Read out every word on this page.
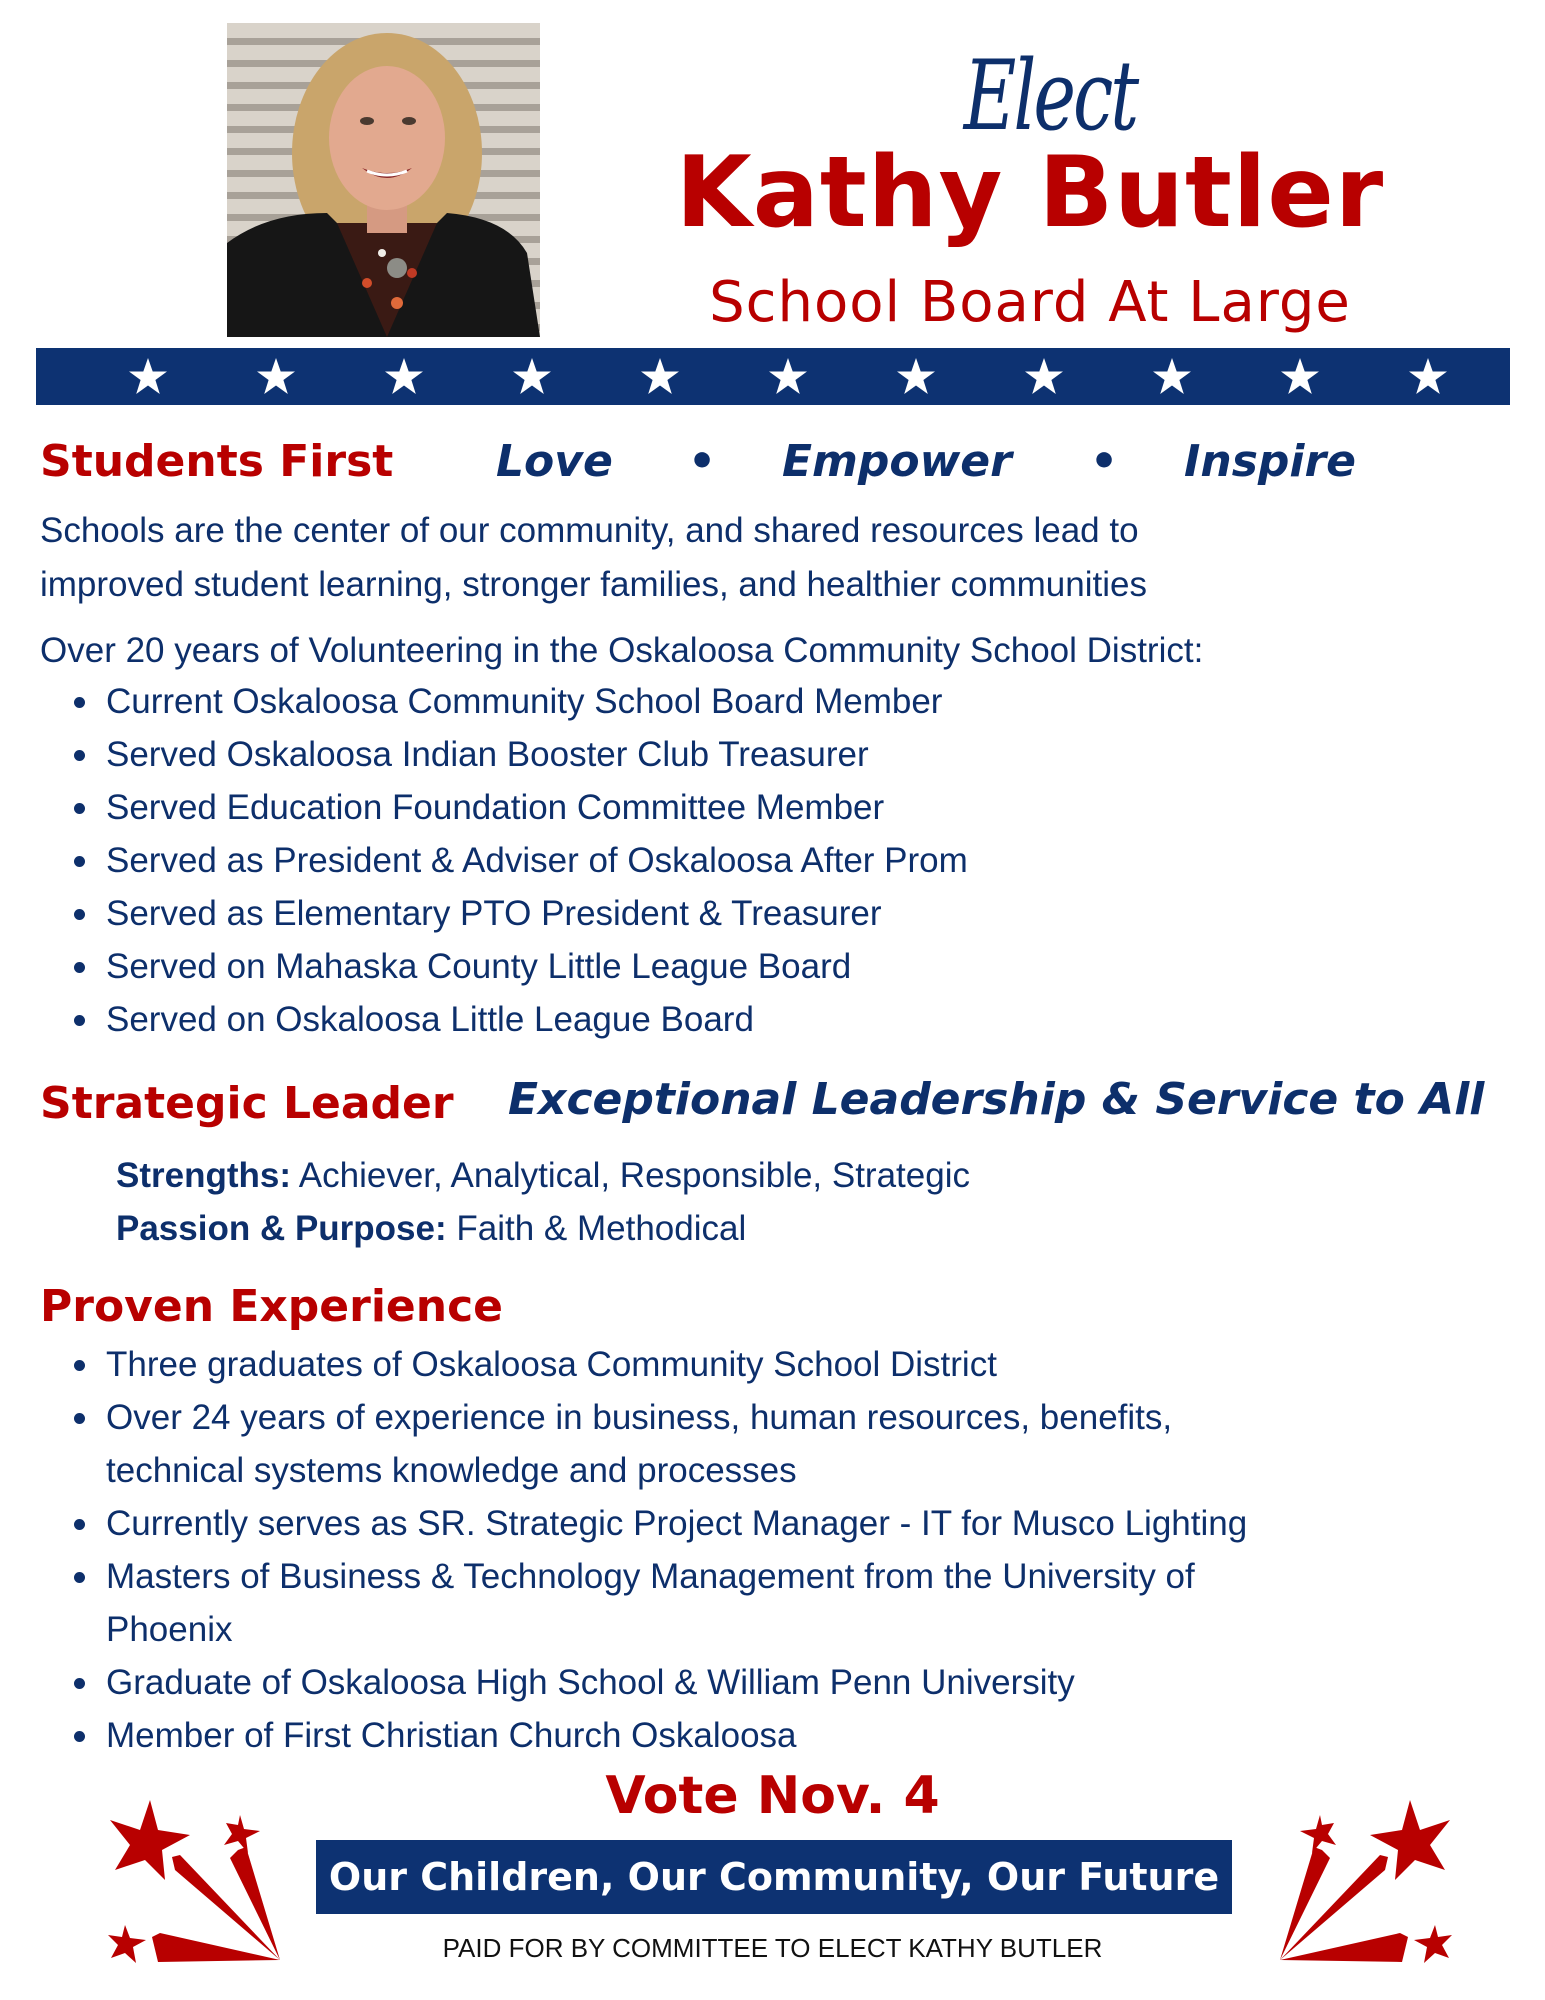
Elect
Kathy Butler
School Board At Large
Students First Love • Empower • Inspire
Schools are the center of our community, and shared resources lead to
improved student learning, stronger families, and healthier communities
Over 20 years of Volunteering in the Oskaloosa Community School District:
Current Oskaloosa Community School Board Member
Served Oskaloosa Indian Booster Club Treasurer
Served Education Foundation Committee Member
Served as President & Adviser of Oskaloosa After Prom
Served as Elementary PTO President & Treasurer
Served on Mahaska County Little League Board
Served on Oskaloosa Little League Board
Strategic Leader Exceptional Leadership & Service to All
Strengths: Achiever, Analytical, Responsible, Strategic
Passion & Purpose: Faith & Methodical
Proven Experience
Three graduates of Oskaloosa Community School District
Over 24 years of experience in business, human resources, benefits,
technical systems knowledge and processes
Currently serves as SR. Strategic Project Manager - IT for Musco Lighting
Masters of Business & Technology Management from the University of
Phoenix
Graduate of Oskaloosa High School & William Penn University
Member of First Christian Church Oskaloosa
Vote Nov. 4
Our Children, Our Community, Our Future
PAID FOR BY COMMITTEE TO ELECT KATHY BUTLER
